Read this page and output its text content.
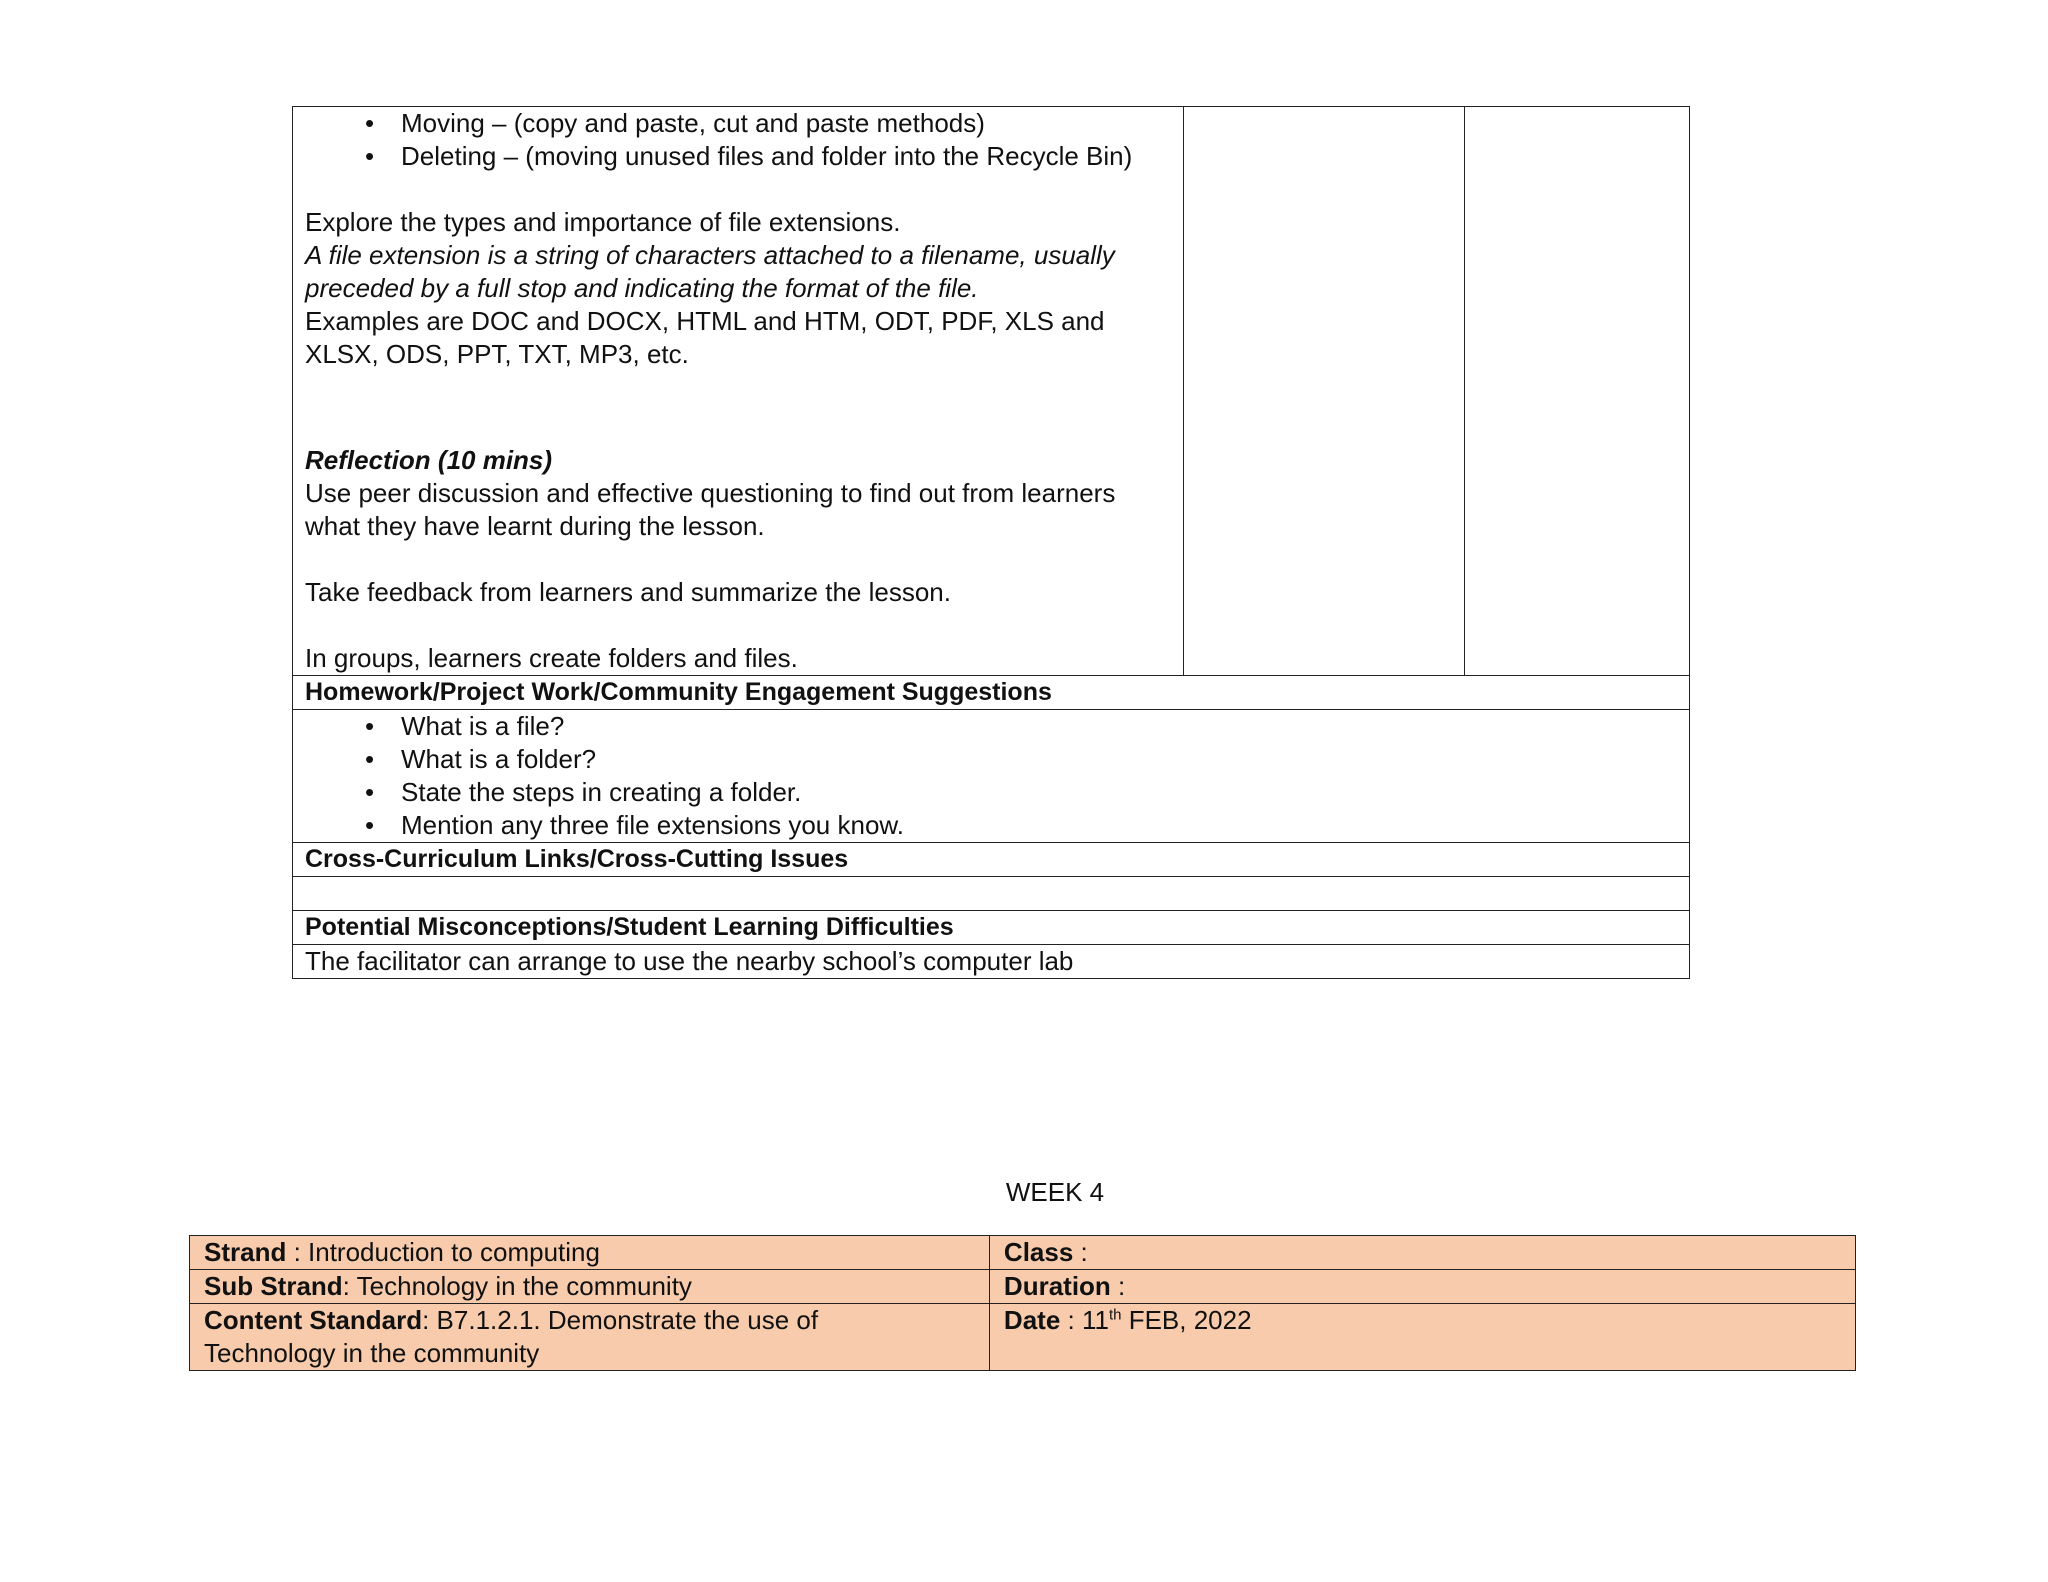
• Moving – (copy and paste, cut and paste methods)
• Deleting – (moving unused files and folder into the Recycle Bin)
Explore the types and importance of file extensions.
A file extension is a string of characters attached to a filename, usually
preceded by a full stop and indicating the format of the file.
Examples are DOC and DOCX, HTML and HTM, ODT, PDF, XLS and
XLSX, ODS, PPT, TXT, MP3, etc.
Reflection (10 mins)
Use peer discussion and effective questioning to find out from learners
what they have learnt during the lesson.
Take feedback from learners and summarize the lesson.
In groups, learners create folders and files.

Homework/Project Work/Community Engagement Suggestions

• What is a file?
• What is a folder?
• State the steps in creating a folder.
• Mention any three file extensions you know.

Cross-Curriculum Links/Cross-Cutting Issues

Potential Misconceptions/Student Learning Difficulties
The facilitator can arrange to use the nearby school’s computer lab
WEEK 4
Strand : Introduction to computing	Class :
Sub Strand: Technology in the community	Duration :
Content Standard: B7.1.2.1. Demonstrate the use of
Technology in the community	Date : 11th FEB, 2022
